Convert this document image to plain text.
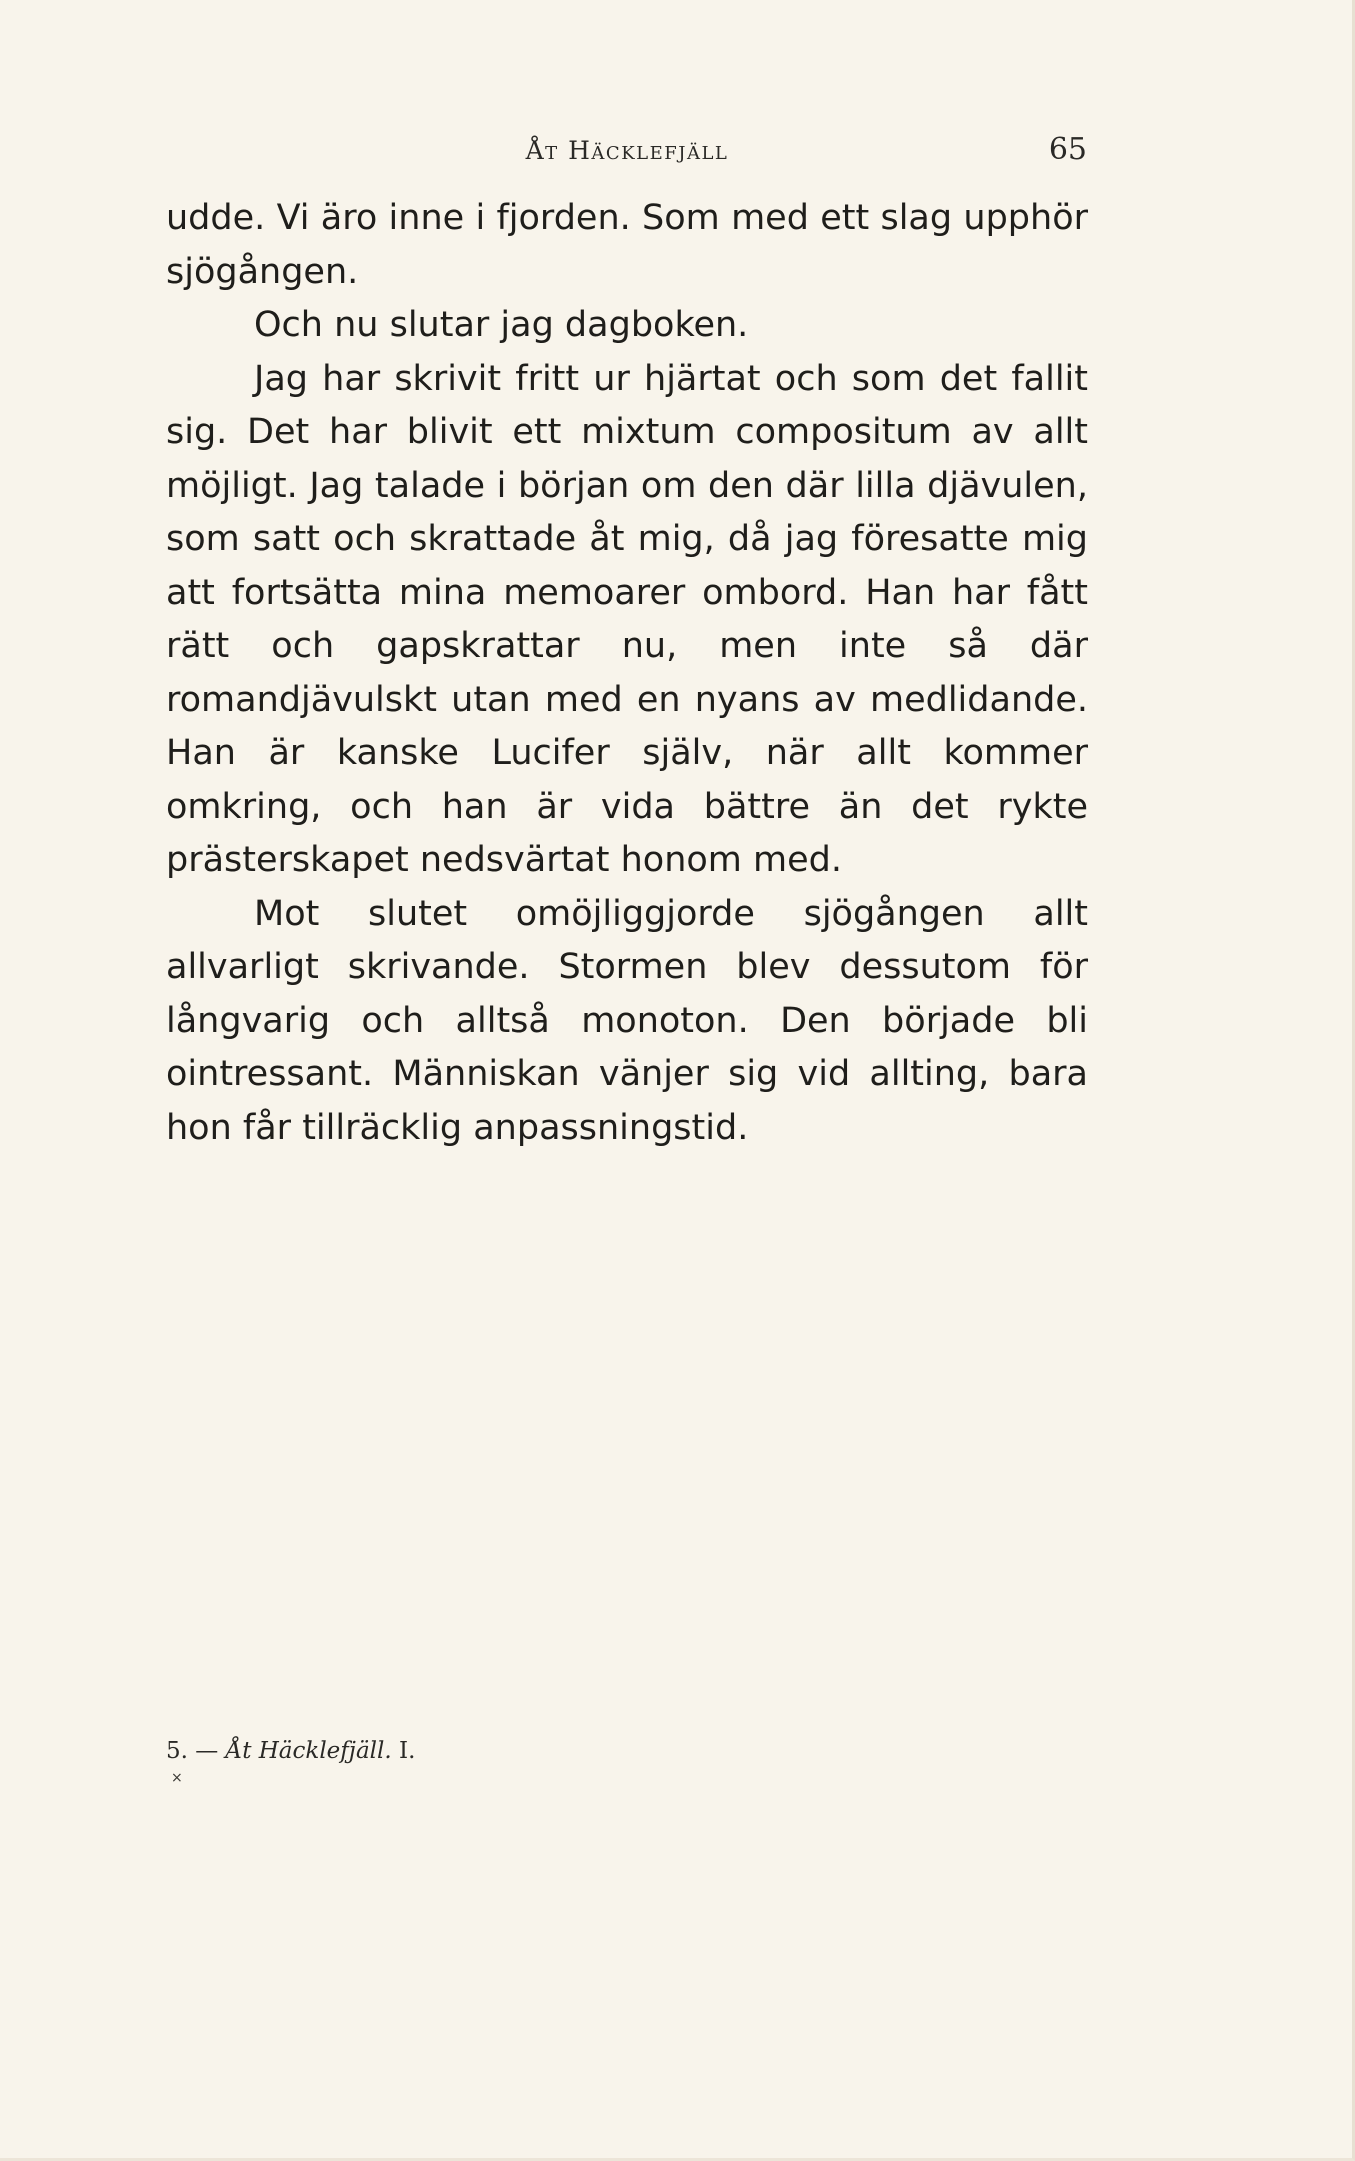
Åt Häcklefjäll	65

udde. Vi äro inne i fjorden. Som med ett slag upphör sjögången.

Och nu slutar jag dagboken.

Jag har skrivit fritt ur hjärtat och som det fallit sig. Det har blivit ett mixtum compositum av allt möjligt. Jag talade i början om den där lilla djävulen, som satt och skrattade åt mig, då jag föresatte mig att fortsätta mina memoarer ombord. Han har fått rätt och gapskrattar nu, men inte så där romandjävulskt utan med en nyans av medlidande. Han är kanske Lucifer själv, när allt kommer omkring, och han är vida bättre än det rykte prästerskapet nedsvärtat honom med.

Mot slutet omöjliggjorde sjögången allt allvarligt skrivande. Stormen blev dessutom för långvarig och alltså monoton. Den började bli ointressant. Människan vänjer sig vid allting, bara hon får tillräcklig anpassningstid.

5. — Åt Häcklefjäll. I.
×
